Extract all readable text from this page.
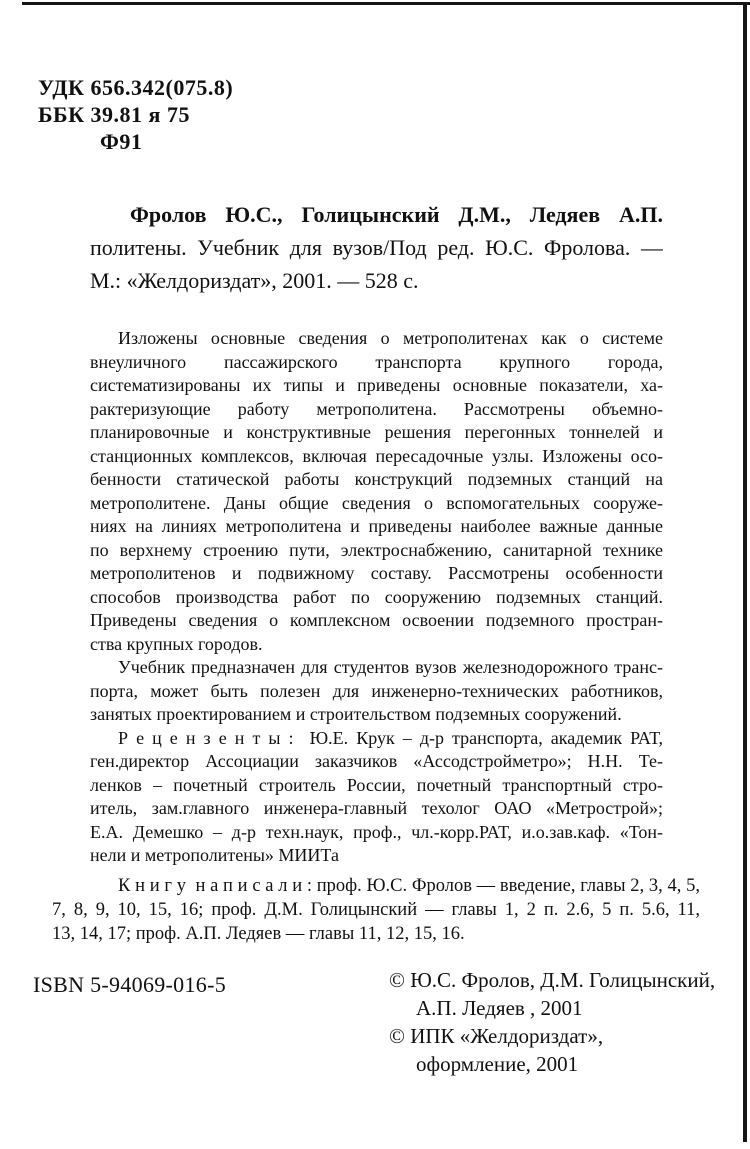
УДК 656.342(075.8)
ББК 39.81 я 75
Ф91
Фролов Ю.С., Голицынский Д.М., Ледяев А.П.
политены. Учебник для вузов/Под ред. Ю.С. Фролова. —
М.: «Желдориздат», 2001. — 528 с.
Изложены основные сведения о метрополитенах как о системе
внеуличного пассажирского транспорта крупного города,
систематизированы их типы и приведены основные показатели, ха-
рактеризующие работу метрополитена. Рассмотрены объемно-
планировочные и конструктивные решения перегонных тоннелей и
станционных комплексов, включая пересадочные узлы. Изложены осо-
бенности статической работы конструкций подземных станций на
метрополитене. Даны общие сведения о вспомогательных сооруже-
ниях на линиях метрополитена и приведены наиболее важные данные
по верхнему строению пути, электроснабжению, санитарной технике
метрополитенов и подвижному составу. Рассмотрены особенности
способов производства работ по сооружению подземных станций.
Приведены сведения о комплексном освоении подземного простран-
ства крупных городов.
Учебник предназначен для студентов вузов железнодорожного транс-
порта, может быть полезен для инженерно-технических работников,
занятых проектированием и строительством подземных сооружений.
Р е ц е н з е н т ы :  Ю.Е. Крук – д-р транспорта, академик РАТ,
ген.директор Ассоциации заказчиков «Ассодстройметро»; Н.Н. Те-
ленков – почетный строитель России, почетный транспортный стро-
итель, зам.главного инженера-главный техолог ОАО «Метрострой»;
Е.А. Демешко – д-р техн.наук, проф., чл.-корр.РАТ, и.о.зав.каф. «Тон-
нели и метрополитены» МИИТа
К н и г у  н а п и с а л и : проф. Ю.С. Фролов — введение, главы 2, 3, 4, 5,
7, 8, 9, 10, 15, 16; проф. Д.М. Голицынский — главы 1, 2 п. 2.6, 5 п. 5.6, 11,
13, 14, 17; проф. А.П. Ледяев — главы 11, 12, 15, 16.
ISBN 5-94069-016-5	© Ю.С. Фролов, Д.М. Голицынский,
А.П. Ледяев , 2001
© ИПК «Желдориздат»,
оформление, 2001
